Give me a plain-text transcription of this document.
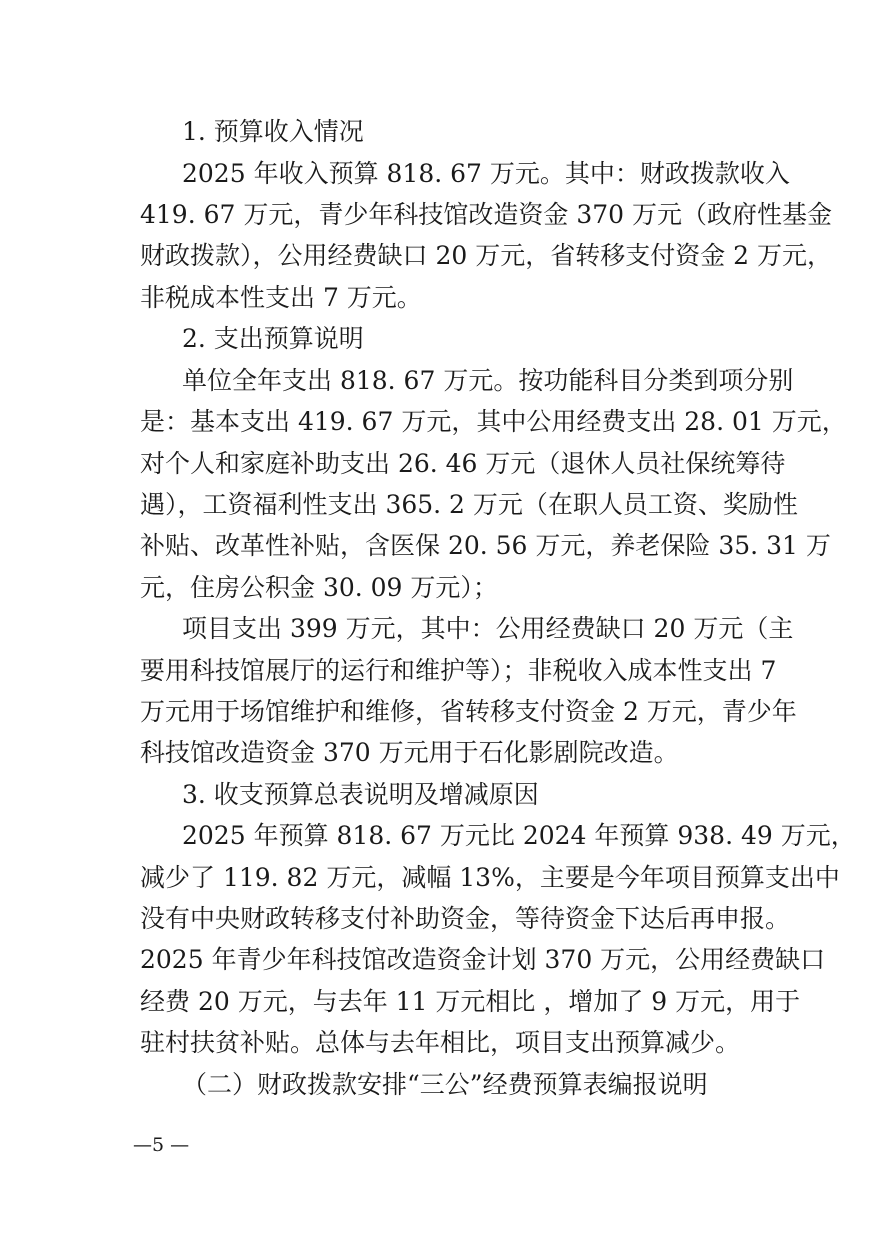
1. 预算收入情况
2025 年收入预算 818. 67 万元。其中：财政拨款收入
419. 67 万元，青少年科技馆改造资金 370 万元（政府性基金
财政拨款），公用经费缺口 20 万元，省转移支付资金 2 万元，
非税成本性支出 7 万元。
2. 支出预算说明
单位全年支出 818. 67 万元。按功能科目分类到项分别
是：基本支出 419. 67 万元，其中公用经费支出 28. 01 万元，
对个人和家庭补助支出 26. 46 万元（退休人员社保统筹待
遇），工资福利性支出 365. 2 万元（在职人员工资、奖励性
补贴、改革性补贴，含医保 20. 56 万元，养老保险 35. 31 万
元，住房公积金 30. 09 万元）；
项目支出 399 万元，其中：公用经费缺口 20 万元（主
要用科技馆展厅的运行和维护等）；非税收入成本性支出 7
万元用于场馆维护和维修，省转移支付资金 2 万元，青少年
科技馆改造资金 370 万元用于石化影剧院改造。
3. 收支预算总表说明及增减原因
2025 年预算 818. 67 万元比 2024 年预算 938. 49 万元，
减少了 119. 82 万元，减幅 13%，主要是今年项目预算支出中
没有中央财政转移支付补助资金，等待资金下达后再申报。
2025 年青少年科技馆改造资金计划 370 万元，公用经费缺口
经费 20 万元，与去年 11 万元相比 ，增加了 9 万元，用于
驻村扶贫补贴。总体与去年相比，项目支出预算减少。
（二）财政拨款安排“三公”经费预算表编报说明
—5 —
